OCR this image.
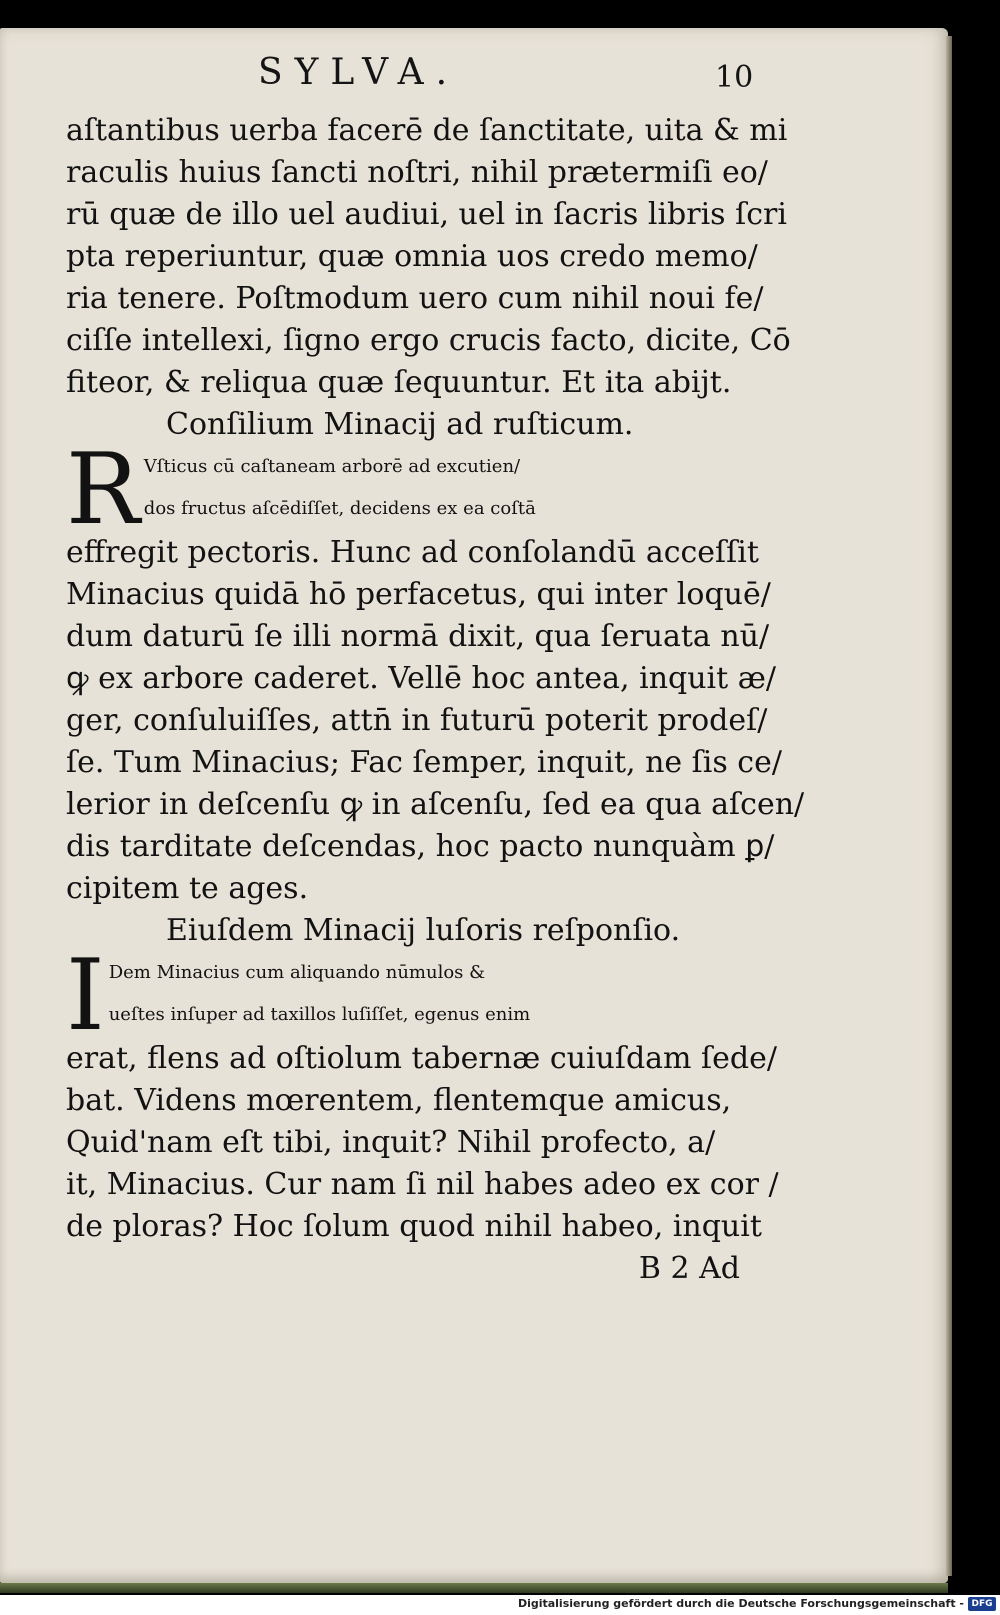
SYLVA.	10
aſtantibus uerba facerē de ſanctitate, uita & mi
raculis huius ſancti noſtri, nihil prætermiſi eo/
rū quæ de illo uel audiui, uel in ſacris libris ſcri
pta reperiuntur, quæ omnia uos credo memo/
ria tenere. Poſtmodum uero cum nihil noui fe/
ciſſe intellexi, ſigno ergo crucis facto, dicite, Cō
fiteor, & reliqua quæ ſequuntur. Et ita abijt.
Conſilium Minacij ad ruſticum.
R Vſticus cū caſtaneam arborē ad excutien/
dos fructus aſcēdiſſet, decidens ex ea coſtā
effregit pectoris. Hunc ad conſolandū acceſſit
Minacius quidā hō perfacetus, qui inter loquē/
dum daturū ſe illi normā dixit, qua ſeruata nū/
ꝙ ex arbore caderet. Vellē hoc antea, inquit æ/
ger, conſuluiſſes, attn̄ in futurū poterit prodeſ/
ſe. Tum Minacius; Fac ſemper, inquit, ne ſis ce/
lerior in deſcenſu ꝙ in aſcenſu, ſed ea qua aſcen/
dis tarditate deſcendas, hoc pacto nunquàm ꝑ/
cipitem te ages.
Eiuſdem Minacij luſoris reſponſio.
I Dem Minacius cum aliquando nūmulos &
ueſtes inſuper ad taxillos luſiſſet, egenus enim
erat, flens ad oſtiolum tabernæ cuiuſdam ſede/
bat. Videns mœrentem, flentemque amicus,
Quid'nam eſt tibi, inquit? Nihil profecto, a/
it, Minacius. Cur nam ſi nil habes adeo ex cor /
de ploras? Hoc ſolum quod nihil habeo, inquit
B 2 Ad
Digitalisierung gefördert durch die Deutsche Forschungsgemeinschaft - DFG
